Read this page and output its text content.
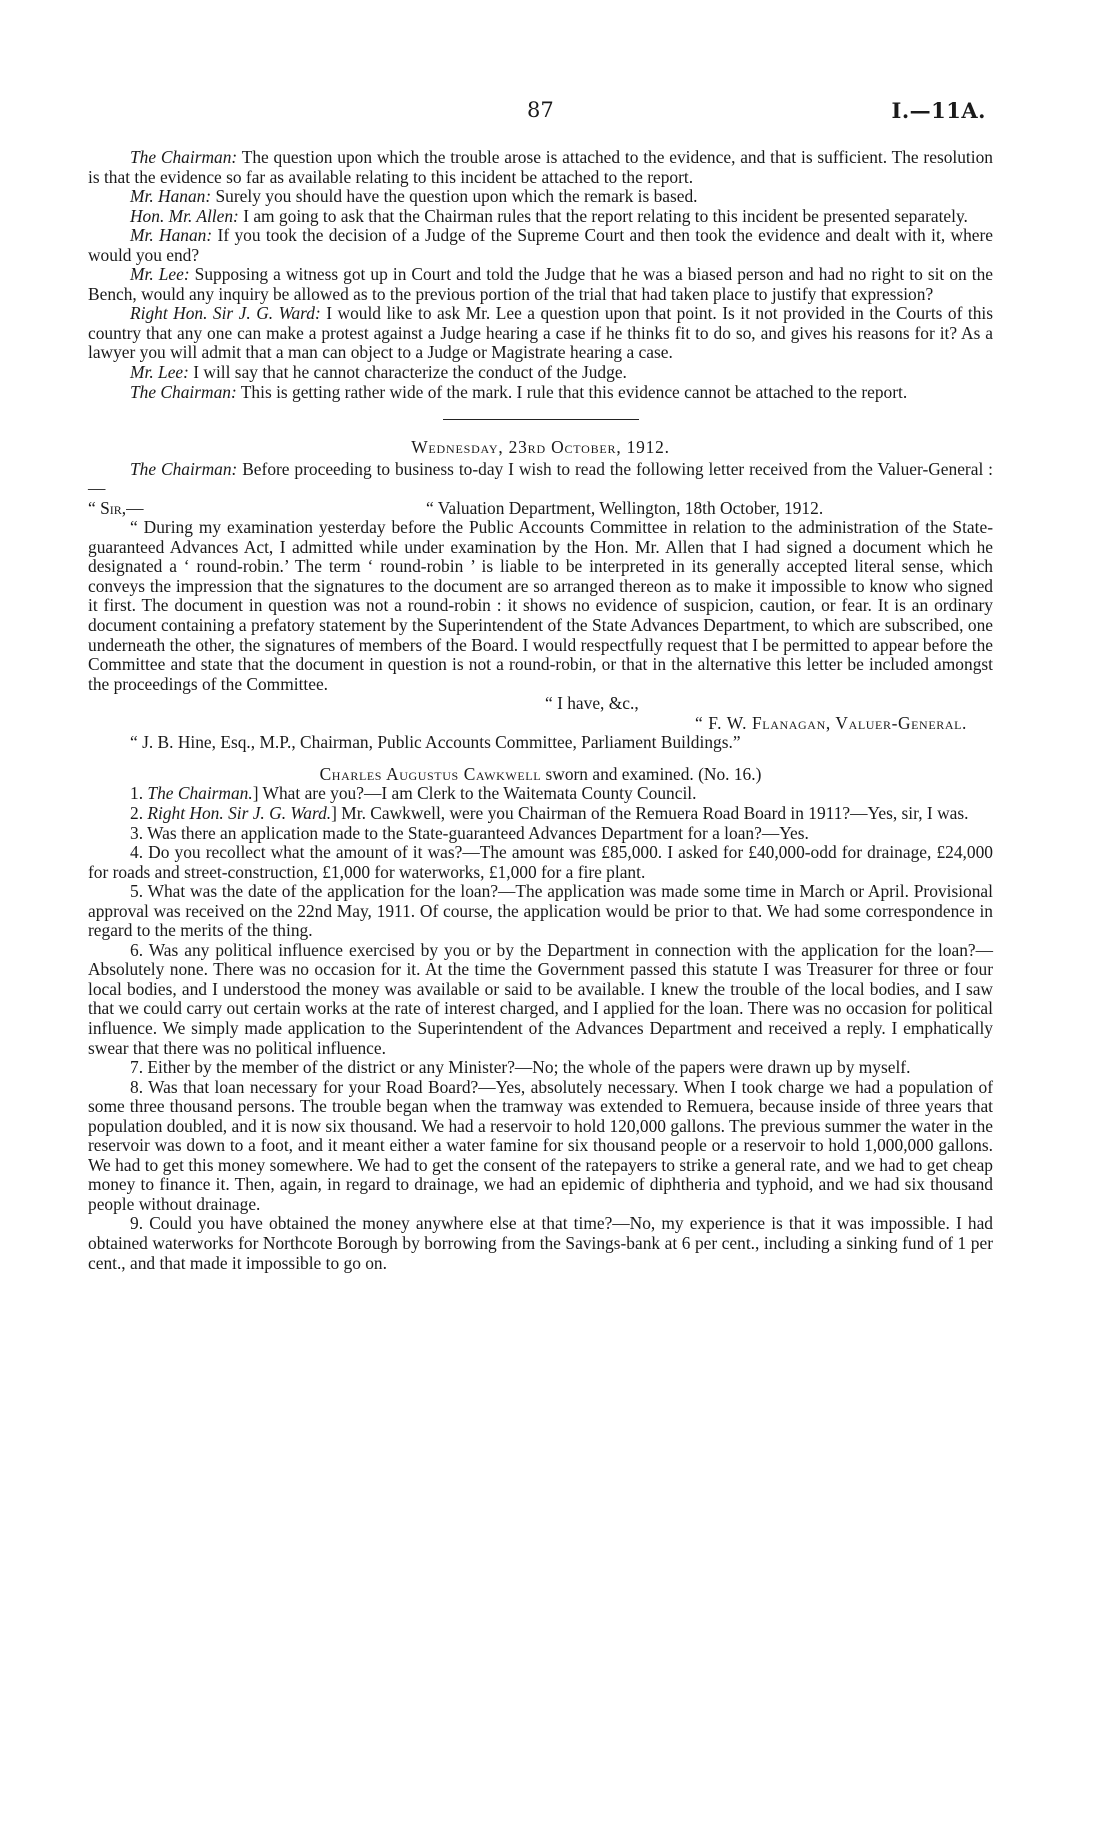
87	I.—11A.

The Chairman: The question upon which the trouble arose is attached to the evidence, and that is sufficient. The resolution is that the evidence so far as available relating to this incident be attached to the report.

Mr. Hanan: Surely you should have the question upon which the remark is based.

Hon. Mr. Allen: I am going to ask that the Chairman rules that the report relating to this incident be presented separately.

Mr. Hanan: If you took the decision of a Judge of the Supreme Court and then took the evidence and dealt with it, where would you end?

Mr. Lee: Supposing a witness got up in Court and told the Judge that he was a biased person and had no right to sit on the Bench, would any inquiry be allowed as to the previous portion of the trial that had taken place to justify that expression?

Right Hon. Sir J. G. Ward: I would like to ask Mr. Lee a question upon that point. Is it not provided in the Courts of this country that any one can make a protest against a Judge hearing a case if he thinks fit to do so, and gives his reasons for it? As a lawyer you will admit that a man can object to a Judge or Magistrate hearing a case.

Mr. Lee: I will say that he cannot characterize the conduct of the Judge.

The Chairman: This is getting rather wide of the mark. I rule that this evidence cannot be attached to the report.

Wednesday, 23rd October, 1912.

The Chairman: Before proceeding to business to-day I wish to read the following letter received from the Valuer-General :—

“ Sir,—	“ Valuation Department, Wellington, 18th October, 1912.

“ During my examination yesterday before the Public Accounts Committee in relation to the administration of the State-guaranteed Advances Act, I admitted while under examination by the Hon. Mr. Allen that I had signed a document which he designated a ‘ round-robin.’ The term ‘ round-robin ’ is liable to be interpreted in its generally accepted literal sense, which conveys the impression that the signatures to the document are so arranged thereon as to make it impossible to know who signed it first. The document in question was not a round-robin : it shows no evidence of suspicion, caution, or fear. It is an ordinary document containing a prefatory statement by the Superintendent of the State Advances Department, to which are subscribed, one underneath the other, the signatures of members of the Board. I would respectfully request that I be permitted to appear before the Committee and state that the document in question is not a round-robin, or that in the alternative this letter be included amongst the proceedings of the Committee.

“ I have, &c.,

“ F. W. Flanagan, Valuer-General.

“ J. B. Hine, Esq., M.P., Chairman, Public Accounts Committee, Parliament Buildings.”

Charles Augustus Cawkwell sworn and examined. (No. 16.)

1. The Chairman.] What are you?—I am Clerk to the Waitemata County Council.

2. Right Hon. Sir J. G. Ward.] Mr. Cawkwell, were you Chairman of the Remuera Road Board in 1911?—Yes, sir, I was.

3. Was there an application made to the State-guaranteed Advances Department for a loan?—Yes.

4. Do you recollect what the amount of it was?—The amount was £85,000. I asked for £40,000-odd for drainage, £24,000 for roads and street-construction, £1,000 for waterworks, £1,000 for a fire plant.

5. What was the date of the application for the loan?—The application was made some time in March or April. Provisional approval was received on the 22nd May, 1911. Of course, the application would be prior to that. We had some correspondence in regard to the merits of the thing.

6. Was any political influence exercised by you or by the Department in connection with the application for the loan?—Absolutely none. There was no occasion for it. At the time the Government passed this statute I was Treasurer for three or four local bodies, and I understood the money was available or said to be available. I knew the trouble of the local bodies, and I saw that we could carry out certain works at the rate of interest charged, and I applied for the loan. There was no occasion for political influence. We simply made application to the Superintendent of the Advances Department and received a reply. I emphatically swear that there was no political influence.

7. Either by the member of the district or any Minister?—No; the whole of the papers were drawn up by myself.

8. Was that loan necessary for your Road Board?—Yes, absolutely necessary. When I took charge we had a population of some three thousand persons. The trouble began when the tramway was extended to Remuera, because inside of three years that population doubled, and it is now six thousand. We had a reservoir to hold 120,000 gallons. The previous summer the water in the reservoir was down to a foot, and it meant either a water famine for six thousand people or a reservoir to hold 1,000,000 gallons. We had to get this money somewhere. We had to get the consent of the ratepayers to strike a general rate, and we had to get cheap money to finance it. Then, again, in regard to drainage, we had an epidemic of diphtheria and typhoid, and we had six thousand people without drainage.

9. Could you have obtained the money anywhere else at that time?—No, my experience is that it was impossible. I had obtained waterworks for Northcote Borough by borrowing from the Savings-bank at 6 per cent., including a sinking fund of 1 per cent., and that made it impossible to go on.
